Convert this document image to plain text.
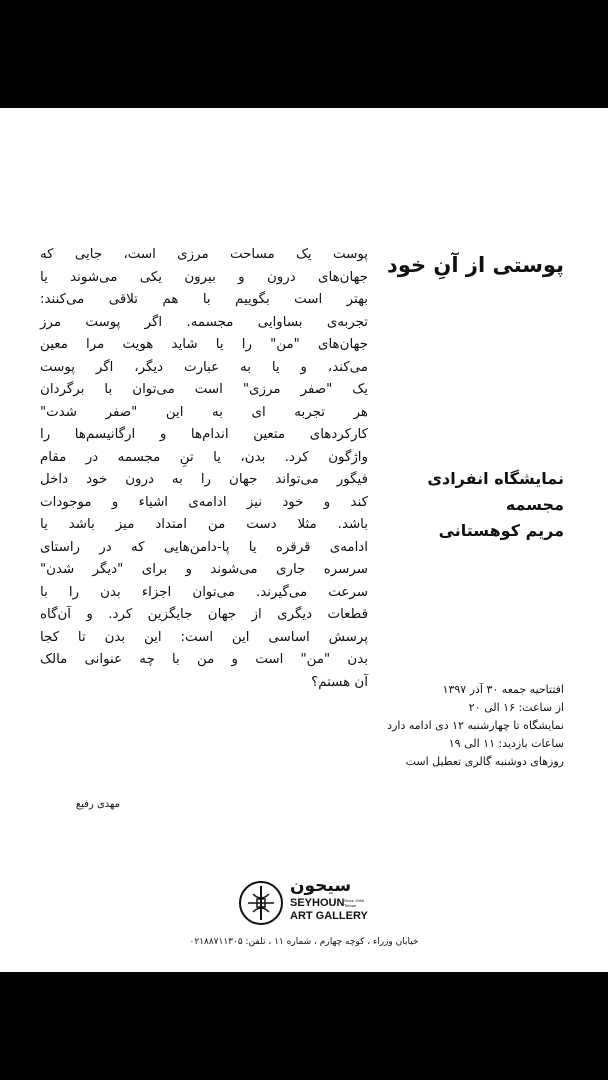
پوستی از آنِ خود
پوست یک مساحت مرزی است، جایی که
جهان‌های درون و بیرون یکی می‌شوند یا
بهتر است بگوییم با هم تلاقی می‌کنند:
تجربه‌ی بساوایی مجسمه. اگر پوست مرز
جهان‌های "من" را یا شاید هویت مرا معین
می‌کند، و یا به عبارت دیگر، اگر پوست
یک "صفر مرزی" است می‌توان با برگردان
هر تجربه ای به این "صفر شدت"
کارکردهای متعین اندام‌ها و ارگانیسم‌ها را
واژگون کرد. بدن، یا تنِ مجسمه در مقام
فیگور می‌تواند جهان را به درون خود داخل
کند و خود نیز ادامه‌ی اشیاء و موجودات
باشد. مثلا دست من امتداد میز باشد یا
ادامه‌ی قرقره یا پا-دامن‌هایی که در راستای
سرسره جاری می‌شوند و برای "دیگر شدن"
سرعت می‌گیرند. می‌توان اجزاء بدن را با
قطعات دیگری از جهان جایگزین کرد. و آن‌گاه
پرسش اساسی این است: این بدن تا کجا
بدن "من" است و من با چه عنوانی مالک
آن هستم؟
نمایشگاه انفرادی
مجسمه
مریم کوهستانی
افتتاحیه جمعه ۳۰ آذر ۱۳۹۷
از ساعت: ۱۶ الی ۲۰
نمایشگاه تا چهارشنبه ۱۲ دی ادامه دارد
ساعات بازدید: ۱۱ الی ۱۹
روزهای دوشنبه گالری تعطیل است
مهدی رفیع
سیحون
SEYHOUN Since 1966 Tehran
ART GALLERY
خیابان وزراء ، کوچه چهارم ، شماره ۱۱ ، تلفن: ۰۲۱۸۸۷۱۱۳۰۵
